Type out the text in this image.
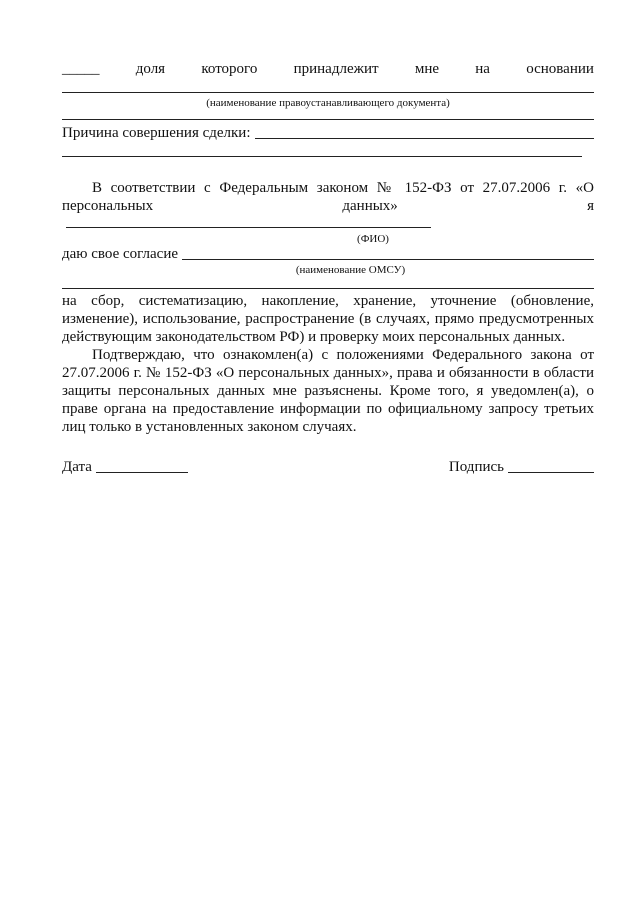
_____ доля которого принадлежит мне на основании
(наименование правоустанавливающего документа)
Причина совершения сделки:
В соответствии с Федеральным законом № 152-ФЗ от 27.07.2006 г. «О персональных данных» я
(ФИО)
даю свое согласие
(наименование ОМСУ)
на сбор, систематизацию, накопление, хранение, уточнение (обновление, изменение), использование, распространение (в случаях, прямо предусмотренных действующим законодательством РФ) и проверку моих персональных данных.
Подтверждаю, что ознакомлен(а) с положениями Федерального закона от 27.07.2006 г. № 152-ФЗ «О персональных данных», права и обязанности в области защиты персональных данных мне разъяснены. Кроме того, я уведомлен(а), о праве органа на предоставление информации по официальному запросу третьих лиц только в установленных законом случаях.
Дата	Подпись
